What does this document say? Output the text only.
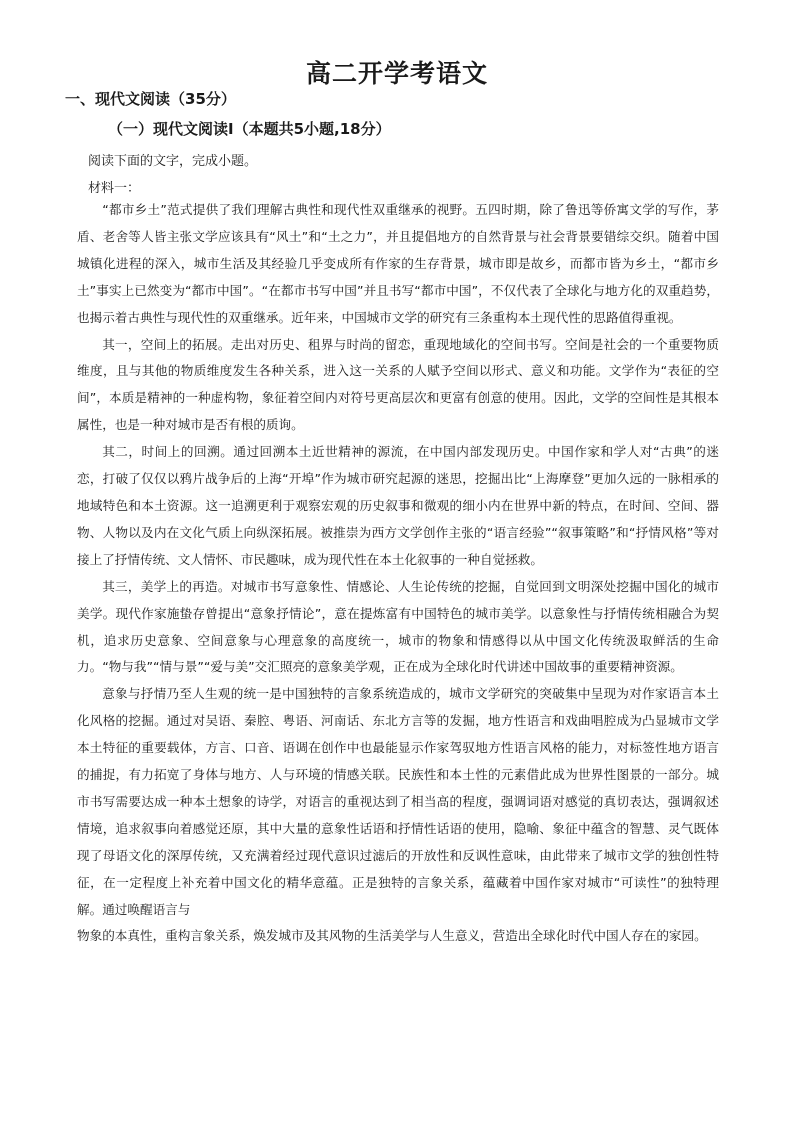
高二开学考语文
一、现代文阅读（35分）
（一）现代文阅读Ⅰ（本题共5小题,18分）
阅读下面的文字，完成小题。
材料一：

“都市乡土”范式提供了我们理解古典性和现代性双重继承的视野。五四时期，除了鲁迅等侨寓文学的写作，茅盾、老舍等人皆主张文学应该具有“风土”和“土之力”，并且提倡地方的自然背景与社会背景要错综交织。随着中国城镇化进程的深入，城市生活及其经验几乎变成所有作家的生存背景，城市即是故乡，而都市皆为乡土，“都市乡土”事实上已然变为“都市中国”。“在都市书写中国”并且书写“都市中国”，不仅代表了全球化与地方化的双重趋势，也揭示着古典性与现代性的双重继承。近年来，中国城市文学的研究有三条重构本土现代性的思路值得重视。

其一，空间上的拓展。走出对历史、租界与时尚的留恋，重现地域化的空间书写。空间是社会的一个重要物质维度，且与其他的物质维度发生各种关系，进入这一关系的人赋予空间以形式、意义和功能。文学作为“表征的空间”，本质是精神的一种虚构物，象征着空间内对符号更高层次和更富有创意的使用。因此，文学的空间性是其根本属性，也是一种对城市是否有根的质询。

其二，时间上的回溯。通过回溯本土近世精神的源流，在中国内部发现历史。中国作家和学人对“古典”的迷恋，打破了仅仅以鸦片战争后的上海“开埠”作为城市研究起源的迷思，挖掘出比“上海摩登”更加久远的一脉相承的地域特色和本土资源。这一追溯更利于观察宏观的历史叙事和微观的细小内在世界中新的特点，在时间、空间、器物、人物以及内在文化气质上向纵深拓展。被推崇为西方文学创作主张的“语言经验”“叙事策略”和“抒情风格”等对接上了抒情传统、文人情怀、市民趣味，成为现代性在本土化叙事的一种自觉拯救。

其三，美学上的再造。对城市书写意象性、情感论、人生论传统的挖掘，自觉回到文明深处挖掘中国化的城市美学。现代作家施蛰存曾提出“意象抒情论”，意在提炼富有中国特色的城市美学。以意象性与抒情传统相融合为契机，追求历史意象、空间意象与心理意象的高度统一，城市的物象和情感得以从中国文化传统汲取鲜活的生命力。“物与我”“情与景”“爱与美”交汇照亮的意象美学观，正在成为全球化时代讲述中国故事的重要精神资源。

意象与抒情乃至人生观的统一是中国独特的言象系统造成的，城市文学研究的突破集中呈现为对作家语言本土化风格的挖掘。通过对吴语、秦腔、粤语、河南话、东北方言等的发掘，地方性语言和戏曲唱腔成为凸显城市文学本土特征的重要载体，方言、口音、语调在创作中也最能显示作家驾驭地方性语言风格的能力，对标签性地方语言的捕捉，有力拓宽了身体与地方、人与环境的情感关联。民族性和本土性的元素借此成为世界性图景的一部分。城市书写需要达成一种本土想象的诗学，对语言的重视达到了相当高的程度，强调词语对感觉的真切表达，强调叙述情境，追求叙事向着感觉还原，其中大量的意象性话语和抒情性话语的使用，隐喻、象征中蕴含的智慧、灵气既体现了母语文化的深厚传统，又充满着经过现代意识过滤后的开放性和反讽性意味，由此带来了城市文学的独创性特征，在一定程度上补充着中国文化的精华意蕴。正是独特的言象关系，蕴藏着中国作家对城市“可读性”的独特理解。通过唤醒语言与

物象的本真性，重构言象关系，焕发城市及其风物的生活美学与人生意义，营造出全球化时代中国人存在的家园。
